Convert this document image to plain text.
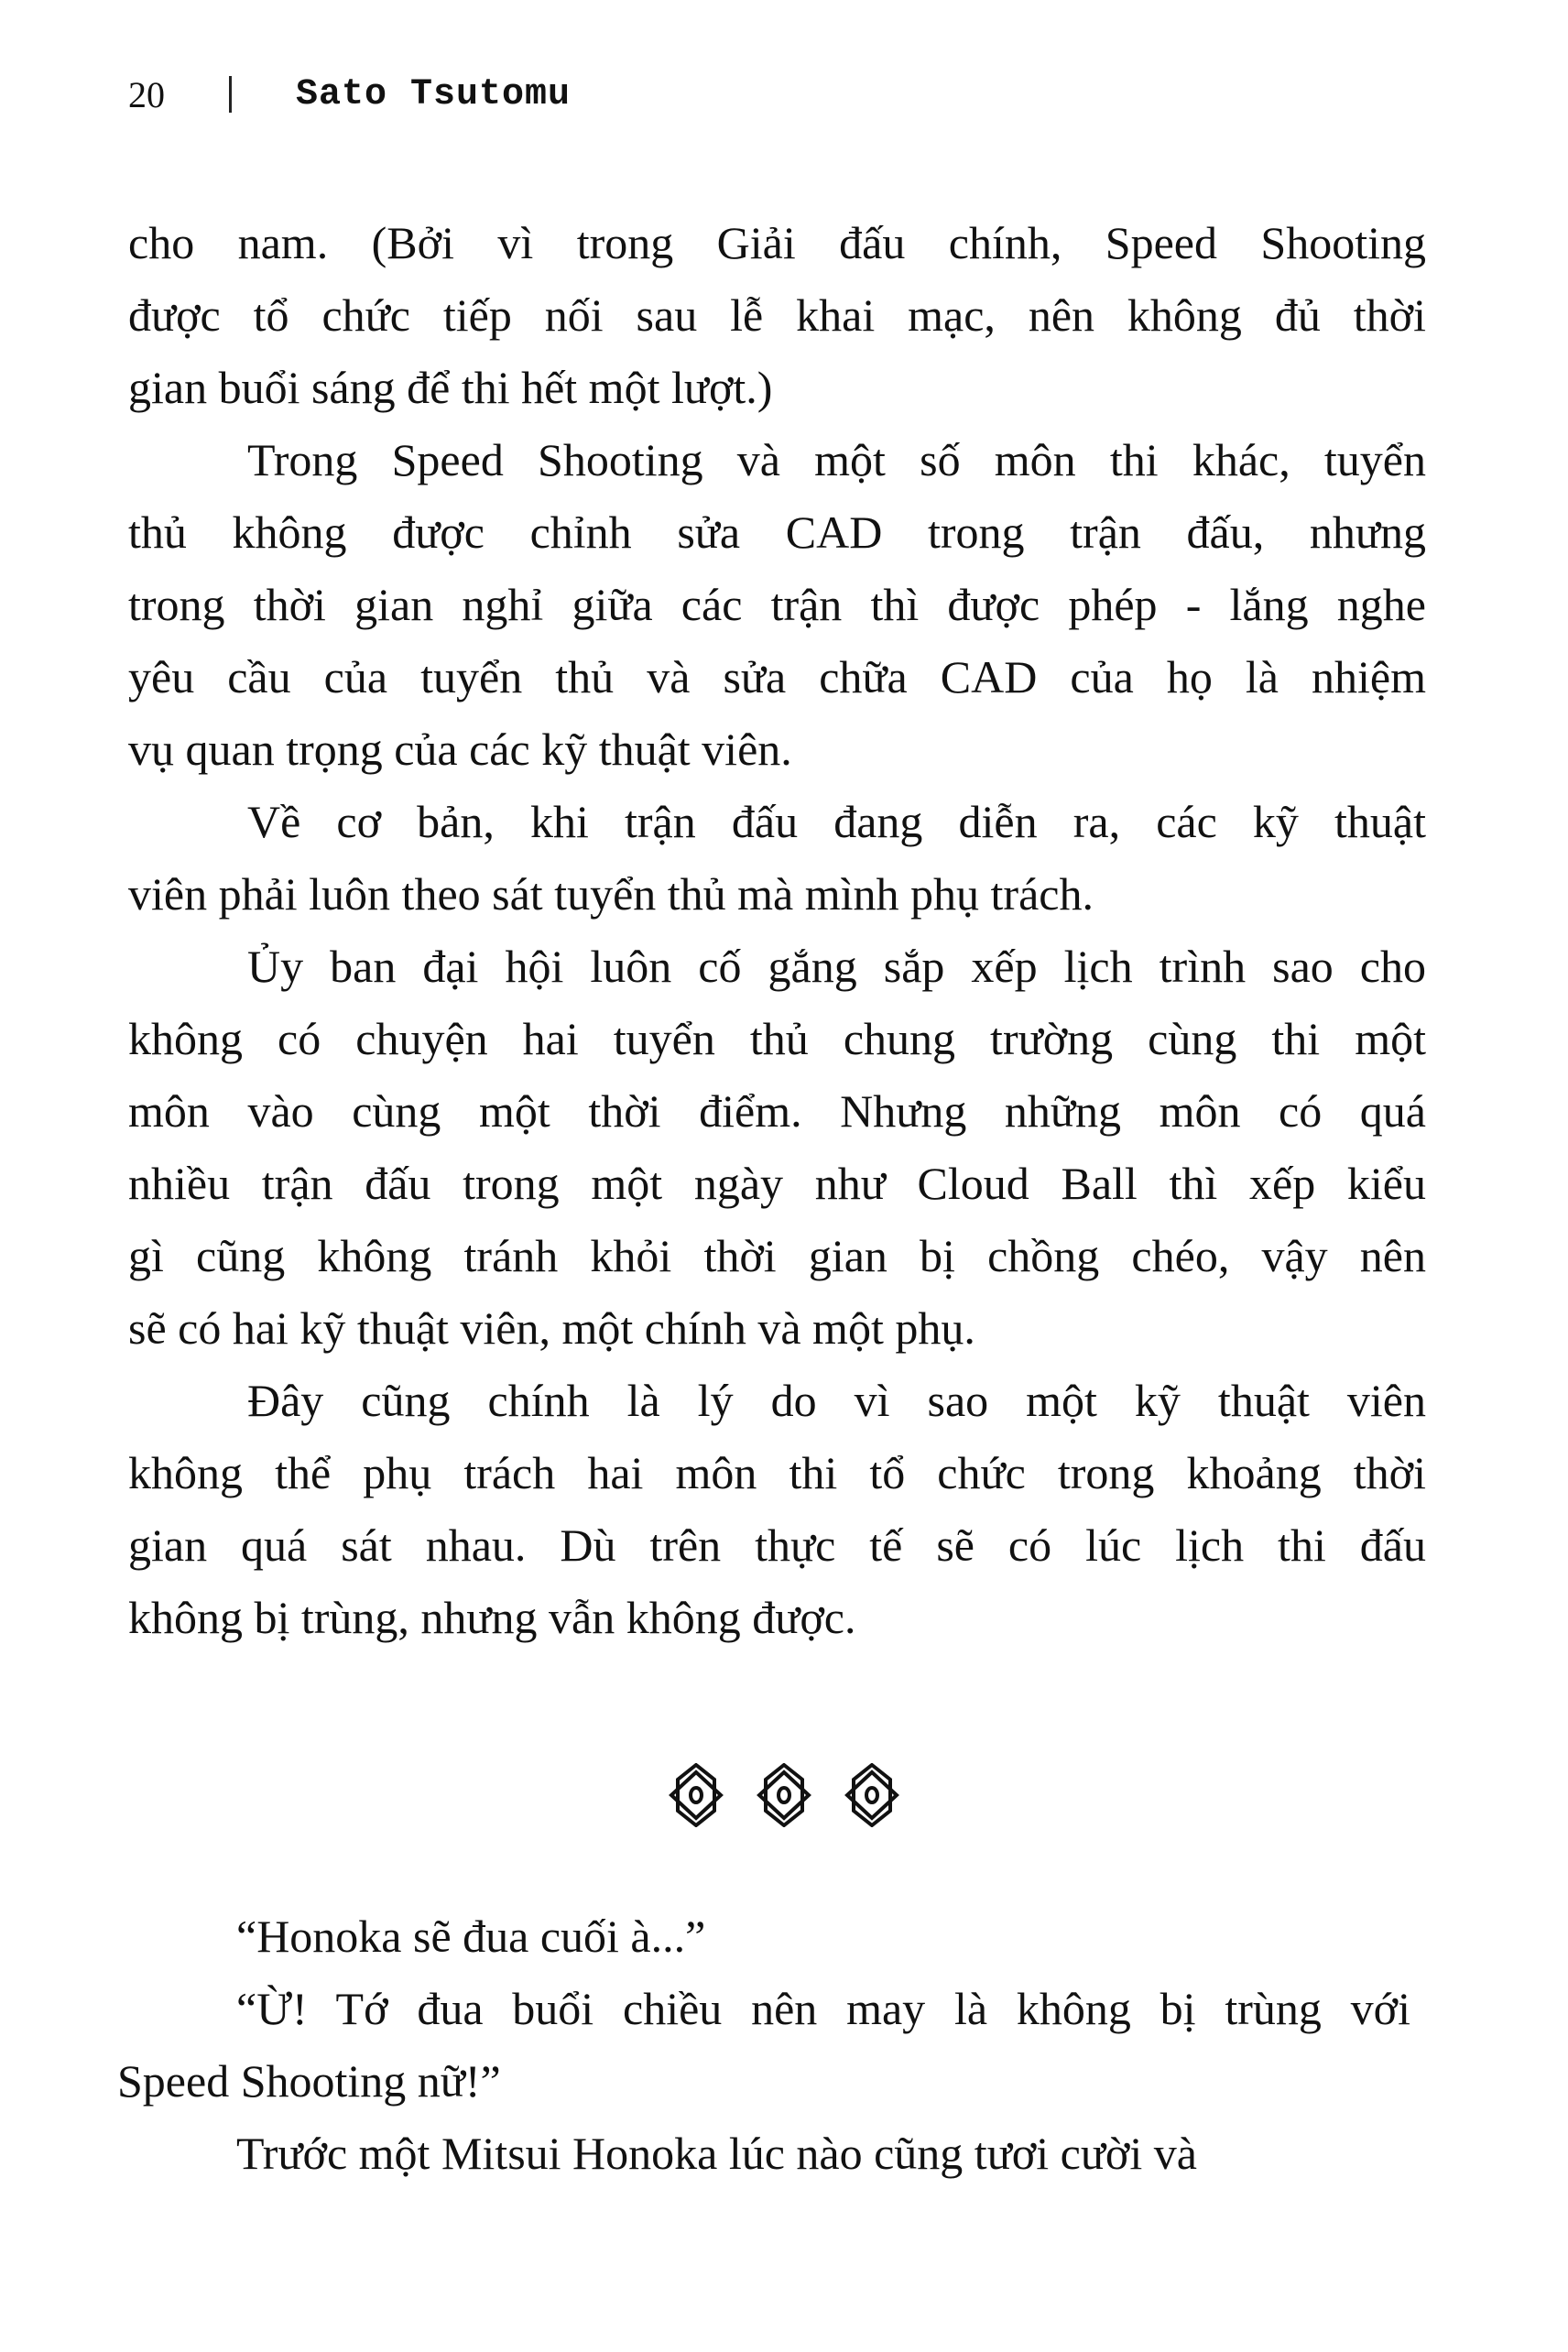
20	Sato Tsutomu
cho nam. (Bởi vì trong Giải đấu chính, Speed Shooting
được tổ chức tiếp nối sau lễ khai mạc, nên không đủ thời
gian buổi sáng để thi hết một lượt.)
Trong Speed Shooting và một số môn thi khác, tuyển
thủ không được chỉnh sửa CAD trong trận đấu, nhưng
trong thời gian nghỉ giữa các trận thì được phép - lắng nghe
yêu cầu của tuyển thủ và sửa chữa CAD của họ là nhiệm
vụ quan trọng của các kỹ thuật viên.
Về cơ bản, khi trận đấu đang diễn ra, các kỹ thuật
viên phải luôn theo sát tuyển thủ mà mình phụ trách.
Ủy ban đại hội luôn cố gắng sắp xếp lịch trình sao cho
không có chuyện hai tuyển thủ chung trường cùng thi một
môn vào cùng một thời điểm. Nhưng những môn có quá
nhiều trận đấu trong một ngày như Cloud Ball thì xếp kiểu
gì cũng không tránh khỏi thời gian bị chồng chéo, vậy nên
sẽ có hai kỹ thuật viên, một chính và một phụ.
Đây cũng chính là lý do vì sao một kỹ thuật viên
không thể phụ trách hai môn thi tổ chức trong khoảng thời
gian quá sát nhau. Dù trên thực tế sẽ có lúc lịch thi đấu
không bị trùng, nhưng vẫn không được.
“Honoka sẽ đua cuối à...”
“Ừ! Tớ đua buổi chiều nên may là không bị trùng với
Speed Shooting nữ!”
Trước một Mitsui Honoka lúc nào cũng tươi cười và
